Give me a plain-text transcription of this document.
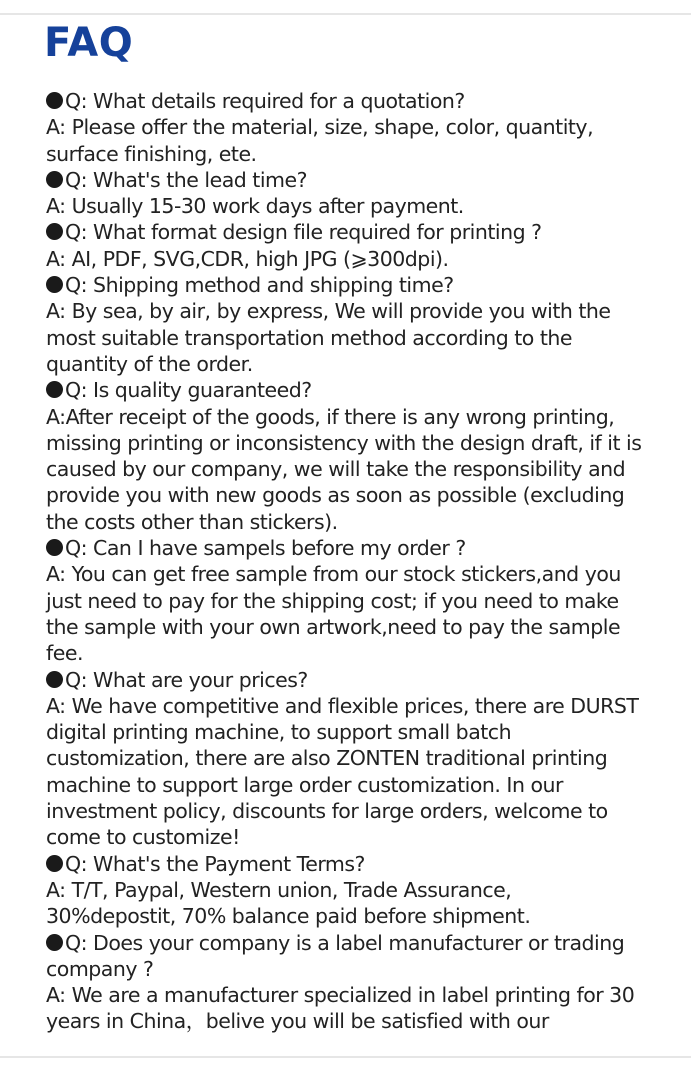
FAQ
Q: What details required for a quotation?
A: Please offer the material, size, shape, color, quantity, surface finishing, ete.
Q: What's the lead time?
A: Usually 15-30 work days after payment.
Q: What format design file required for printing ?
A: AI, PDF, SVG,CDR, high JPG (⩾300dpi).
Q: Shipping method and shipping time?
A: By sea, by air, by express, We will provide you with the most suitable transportation method according to the quantity of the order.
Q: Is quality guaranteed?
A:After receipt of the goods, if there is any wrong printing, missing printing or inconsistency with the design draft, if it is caused by our company, we will take the responsibility and provide you with new goods as soon as possible (excluding the costs other than stickers).
Q: Can I have sampels before my order ?
A: You can get free sample from our stock stickers,and you just need to pay for the shipping cost; if you need to make the sample with your own artwork,need to pay the sample fee.
Q: What are your prices?
A: We have competitive and flexible prices, there are DURST digital printing machine, to support small batch customization, there are also ZONTEN traditional printing machine to support large order customization. In our investment policy, discounts for large orders, welcome to come to customize!
Q: What's the Payment Terms?
A: T/T, Paypal, Western union, Trade Assurance, 30%depostit, 70% balance paid before shipment.
Q: Does your company is a label manufacturer or trading company ?
A: We are a manufacturer specialized in label printing for 30 years in China，belive you will be satisfied with our
